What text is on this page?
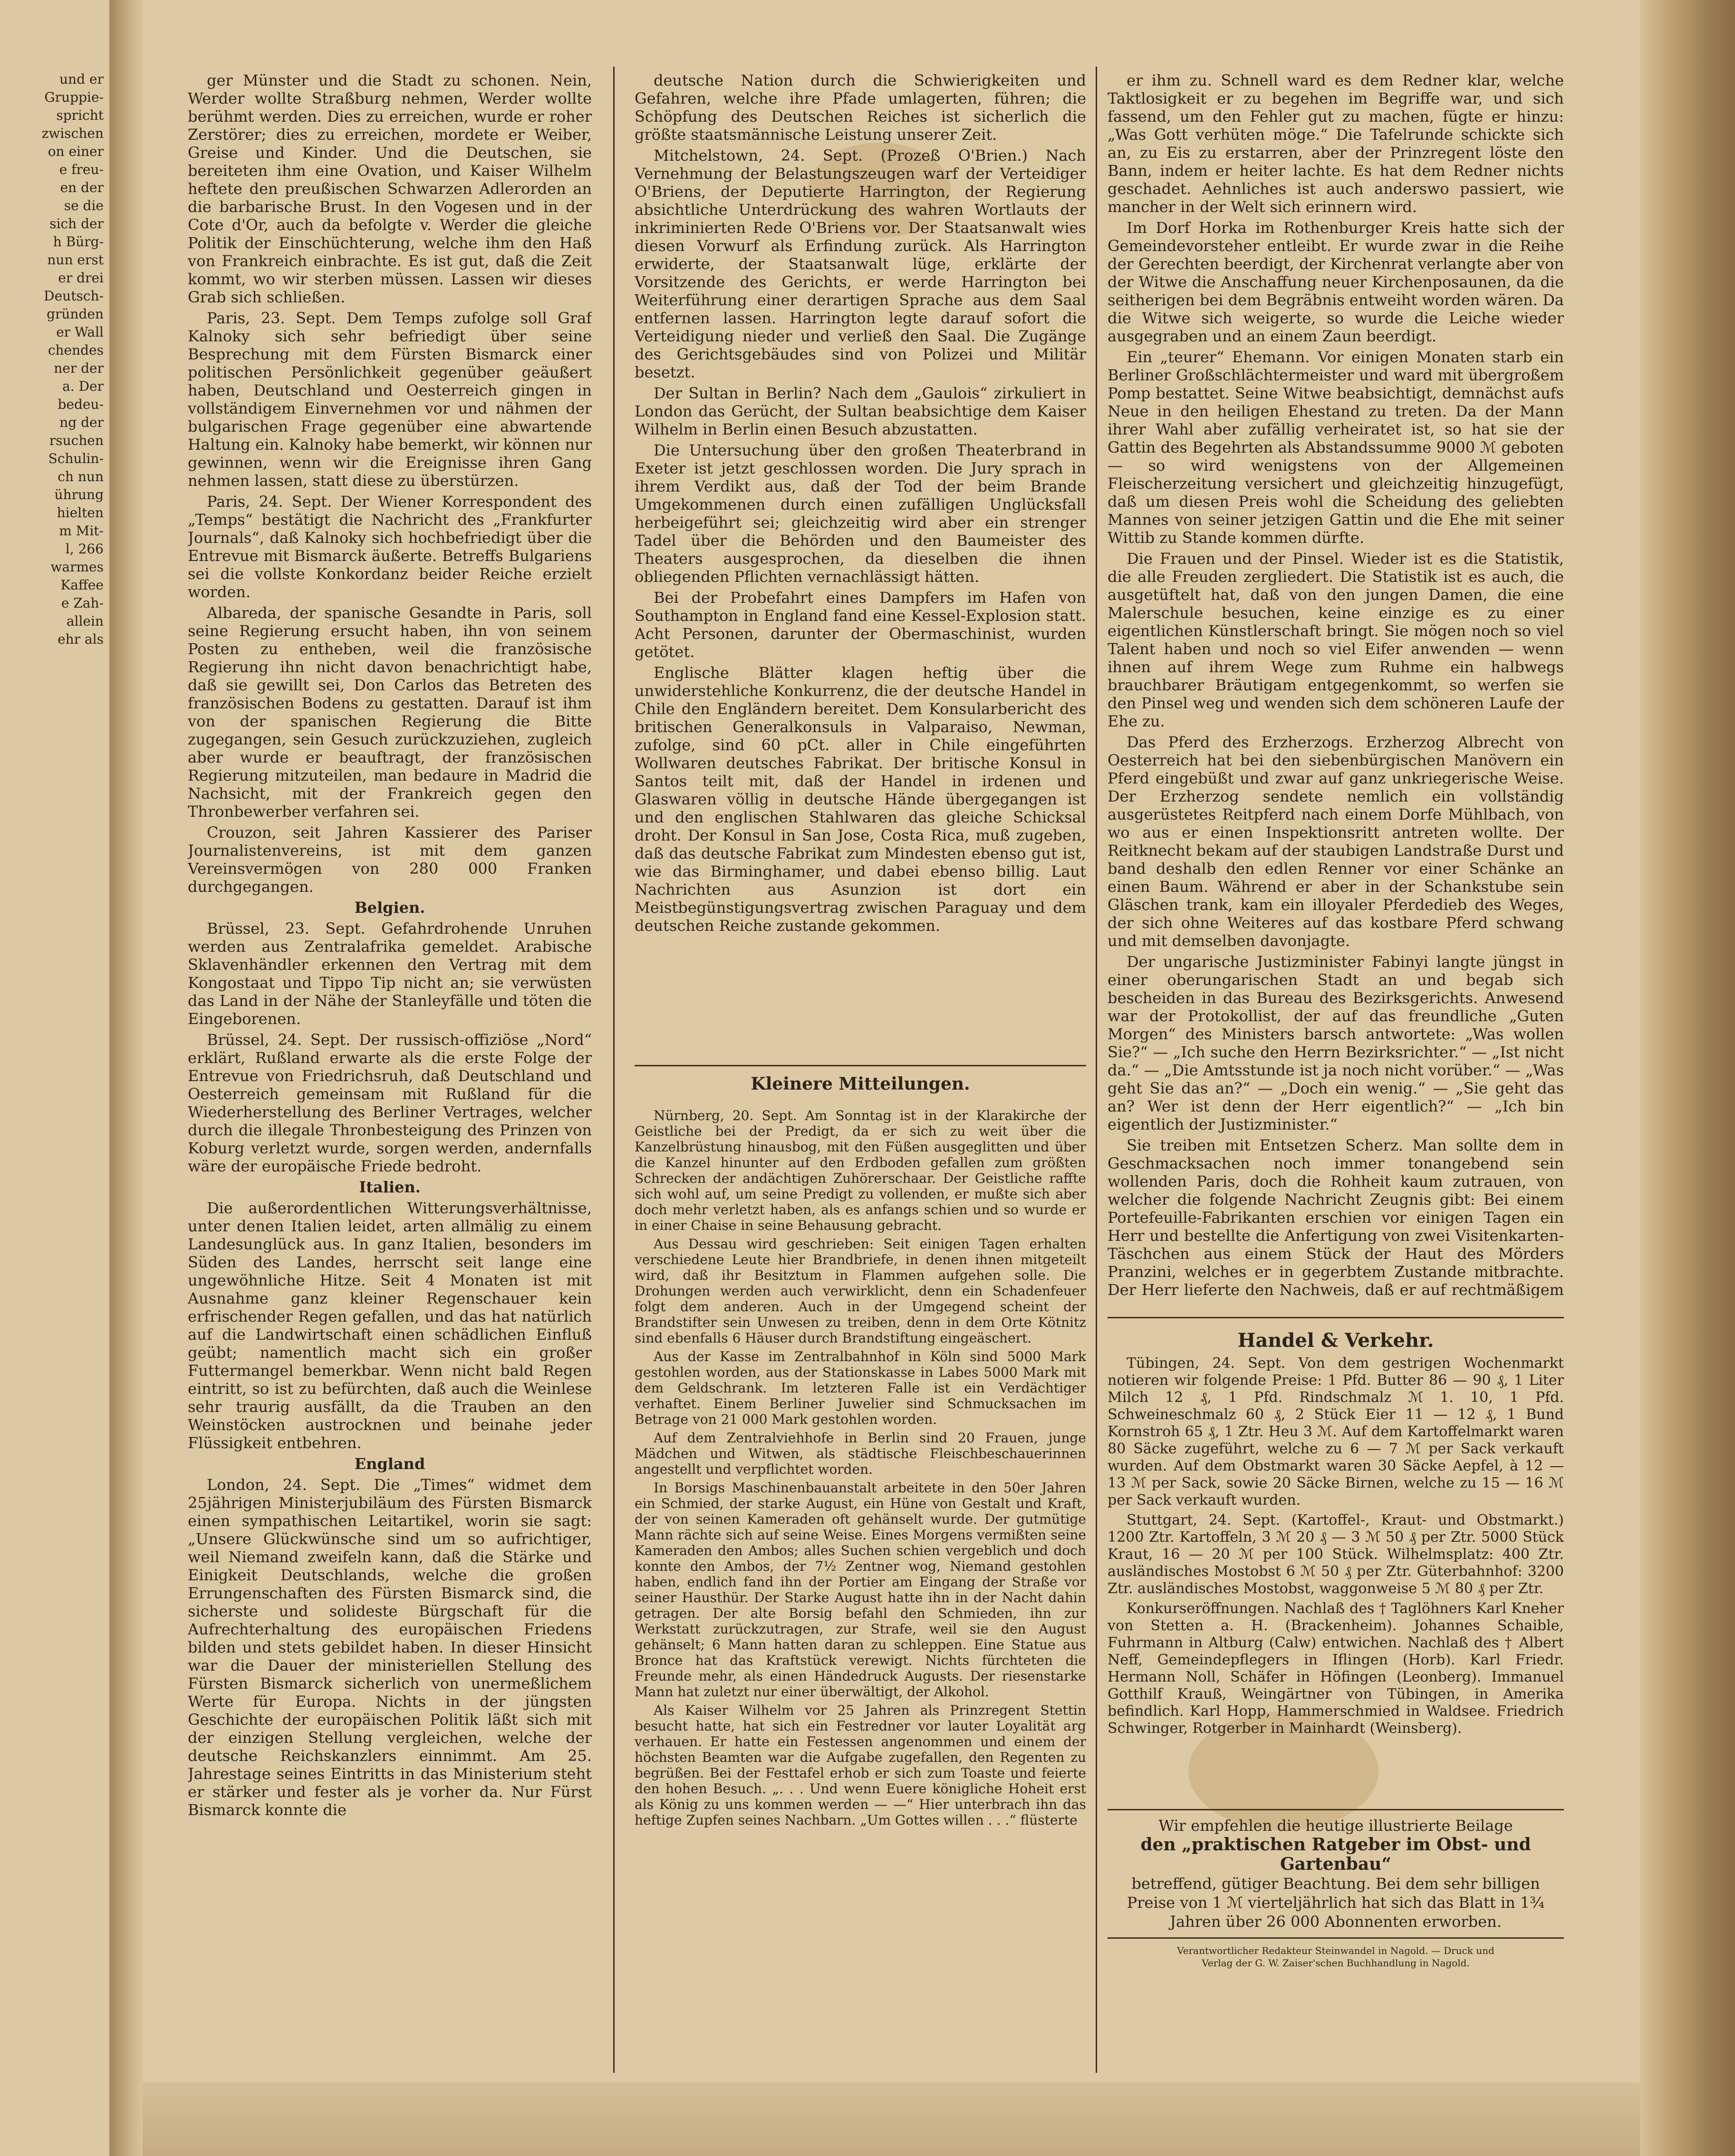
und er
Gruppie-
spricht
zwischen
on einer
e freu-
en der
se die
sich der
h Bürg-
nun erst
er drei
Deutsch-
gründen
er Wall
chendes
ner der
a. Der
bedeu-
ng der
rsuchen
Schulin-
ch nun
ührung
hielten
m Mit-
l, 266
warmes
Kaffee
e Zah-
allein
ehr als

ger Münster und die Stadt zu schonen. Nein, Werder wollte Straßburg nehmen, Werder wollte berühmt werden. Dies zu erreichen, wurde er roher Zerstörer; dies zu erreichen, mordete er Weiber, Greise und Kinder. Und die Deutschen, sie bereiteten ihm eine Ovation, und Kaiser Wilhelm heftete den preußischen Schwarzen Adlerorden an die barbarische Brust. In den Vogesen und in der Cote d'Or, auch da befolgte v. Werder die gleiche Politik der Einschüchterung, welche ihm den Haß von Frankreich einbrachte. Es ist gut, daß die Zeit kommt, wo wir sterben müssen. Lassen wir dieses Grab sich schließen.

Paris, 23. Sept. Dem Temps zufolge soll Graf Kalnoky sich sehr befriedigt über seine Besprechung mit dem Fürsten Bismarck einer politischen Persönlichkeit gegenüber geäußert haben, Deutschland und Oesterreich gingen in vollständigem Einvernehmen vor und nähmen der bulgarischen Frage gegenüber eine abwartende Haltung ein. Kalnoky habe bemerkt, wir können nur gewinnen, wenn wir die Ereignisse ihren Gang nehmen lassen, statt diese zu überstürzen.

Paris, 24. Sept. Der Wiener Korrespondent des „Temps“ bestätigt die Nachricht des „Frankfurter Journals“, daß Kalnoky sich hochbefriedigt über die Entrevue mit Bismarck äußerte. Betreffs Bulgariens sei die vollste Konkordanz beider Reiche erzielt worden.

Albareda, der spanische Gesandte in Paris, soll seine Regierung ersucht haben, ihn von seinem Posten zu entheben, weil die französische Regierung ihn nicht davon benachrichtigt habe, daß sie gewillt sei, Don Carlos das Betreten des französischen Bodens zu gestatten. Darauf ist ihm von der spanischen Regierung die Bitte zugegangen, sein Gesuch zurückzuziehen, zugleich aber wurde er beauftragt, der französischen Regierung mitzuteilen, man bedaure in Madrid die Nachsicht, mit der Frankreich gegen den Thronbewerber verfahren sei.

Crouzon, seit Jahren Kassierer des Pariser Journalistenvereins, ist mit dem ganzen Vereinsvermögen von 280 000 Franken durchgegangen.

Belgien.

Brüssel, 23. Sept. Gefahrdrohende Unruhen werden aus Zentralafrika gemeldet. Arabische Sklavenhändler erkennen den Vertrag mit dem Kongostaat und Tippo Tip nicht an; sie verwüsten das Land in der Nähe der Stanleyfälle und töten die Eingeborenen.

Brüssel, 24. Sept. Der russisch-offiziöse „Nord“ erklärt, Rußland erwarte als die erste Folge der Entrevue von Friedrichsruh, daß Deutschland und Oesterreich gemeinsam mit Rußland für die Wiederherstellung des Berliner Vertrages, welcher durch die illegale Thronbesteigung des Prinzen von Koburg verletzt wurde, sorgen werden, andernfalls wäre der europäische Friede bedroht.

Italien.

Die außerordentlichen Witterungsverhältnisse, unter denen Italien leidet, arten allmälig zu einem Landesunglück aus. In ganz Italien, besonders im Süden des Landes, herrscht seit lange eine ungewöhnliche Hitze. Seit 4 Monaten ist mit Ausnahme ganz kleiner Regenschauer kein erfrischender Regen gefallen, und das hat natürlich auf die Landwirtschaft einen schädlichen Einfluß geübt; namentlich macht sich ein großer Futtermangel bemerkbar. Wenn nicht bald Regen eintritt, so ist zu befürchten, daß auch die Weinlese sehr traurig ausfällt, da die Trauben an den Weinstöcken austrocknen und beinahe jeder Flüssigkeit entbehren.

England

London, 24. Sept. Die „Times“ widmet dem 25jährigen Ministerjubiläum des Fürsten Bismarck einen sympathischen Leitartikel, worin sie sagt: „Unsere Glückwünsche sind um so aufrichtiger, weil Niemand zweifeln kann, daß die Stärke und Einigkeit Deutschlands, welche die großen Errungenschaften des Fürsten Bismarck sind, die sicherste und solideste Bürgschaft für die Aufrechterhaltung des europäischen Friedens bilden und stets gebildet haben. In dieser Hinsicht war die Dauer der ministeriellen Stellung des Fürsten Bismarck sicherlich von unermeßlichem Werte für Europa. Nichts in der jüngsten Geschichte der europäischen Politik läßt sich mit der einzigen Stellung vergleichen, welche der deutsche Reichskanzlers einnimmt. Am 25. Jahrestage seines Eintritts in das Ministerium steht er stärker und fester als je vorher da. Nur Fürst Bismarck konnte die

deutsche Nation durch die Schwierigkeiten und Gefahren, welche ihre Pfade umlagerten, führen; die Schöpfung des Deutschen Reiches ist sicherlich die größte staatsmännische Leistung unserer Zeit.

Mitchelstown, 24. Sept. (Prozeß O'Brien.) Nach Vernehmung der Belastungszeugen warf der Verteidiger O'Briens, der Deputierte Harrington, der Regierung absichtliche Unterdrückung des wahren Wortlauts der inkriminierten Rede O'Briens vor. Der Staatsanwalt wies diesen Vorwurf als Erfindung zurück. Als Harrington erwiderte, der Staatsanwalt lüge, erklärte der Vorsitzende des Gerichts, er werde Harrington bei Weiterführung einer derartigen Sprache aus dem Saal entfernen lassen. Harrington legte darauf sofort die Verteidigung nieder und verließ den Saal. Die Zugänge des Gerichtsgebäudes sind von Polizei und Militär besetzt.

Der Sultan in Berlin? Nach dem „Gaulois“ zirkuliert in London das Gerücht, der Sultan beabsichtige dem Kaiser Wilhelm in Berlin einen Besuch abzustatten.

Die Untersuchung über den großen Theaterbrand in Exeter ist jetzt geschlossen worden. Die Jury sprach in ihrem Verdikt aus, daß der Tod der beim Brande Umgekommenen durch einen zufälligen Unglücksfall herbeigeführt sei; gleichzeitig wird aber ein strenger Tadel über die Behörden und den Baumeister des Theaters ausgesprochen, da dieselben die ihnen obliegenden Pflichten vernachlässigt hätten.

Bei der Probefahrt eines Dampfers im Hafen von Southampton in England fand eine Kessel-Explosion statt. Acht Personen, darunter der Obermaschinist, wurden getötet.

Englische Blätter klagen heftig über die unwiderstehliche Konkurrenz, die der deutsche Handel in Chile den Engländern bereitet. Dem Konsularbericht des britischen Generalkonsuls in Valparaiso, Newman, zufolge, sind 60 pCt. aller in Chile eingeführten Wollwaren deutsches Fabrikat. Der britische Konsul in Santos teilt mit, daß der Handel in irdenen und Glaswaren völlig in deutsche Hände übergegangen ist und den englischen Stahlwaren das gleiche Schicksal droht. Der Konsul in San Jose, Costa Rica, muß zugeben, daß das deutsche Fabrikat zum Mindesten ebenso gut ist, wie das Birminghamer, und dabei ebenso billig. Laut Nachrichten aus Asunzion ist dort ein Meistbegünstigungsvertrag zwischen Paraguay und dem deutschen Reiche zustande gekommen.

Kleinere Mitteilungen.

Nürnberg, 20. Sept. Am Sonntag ist in der Klarakirche der Geistliche bei der Predigt, da er sich zu weit über die Kanzelbrüstung hinausbog, mit den Füßen ausgeglitten und über die Kanzel hinunter auf den Erdboden gefallen zum größten Schrecken der andächtigen Zuhörerschaar. Der Geistliche raffte sich wohl auf, um seine Predigt zu vollenden, er mußte sich aber doch mehr verletzt haben, als es anfangs schien und so wurde er in einer Chaise in seine Behausung gebracht.

Aus Dessau wird geschrieben: Seit einigen Tagen erhalten verschiedene Leute hier Brandbriefe, in denen ihnen mitgeteilt wird, daß ihr Besitztum in Flammen aufgehen solle. Die Drohungen werden auch verwirklicht, denn ein Schadenfeuer folgt dem anderen. Auch in der Umgegend scheint der Brandstifter sein Unwesen zu treiben, denn in dem Orte Kötnitz sind ebenfalls 6 Häuser durch Brandstiftung eingeäschert.

Aus der Kasse im Zentralbahnhof in Köln sind 5000 Mark gestohlen worden, aus der Stationskasse in Labes 5000 Mark mit dem Geldschrank. Im letzteren Falle ist ein Verdächtiger verhaftet. Einem Berliner Juwelier sind Schmucksachen im Betrage von 21 000 Mark gestohlen worden.

Auf dem Zentralviehhofe in Berlin sind 20 Frauen, junge Mädchen und Witwen, als städtische Fleischbeschauerinnen angestellt und verpflichtet worden.

In Borsigs Maschinenbauanstalt arbeitete in den 50er Jahren ein Schmied, der starke August, ein Hüne von Gestalt und Kraft, der von seinen Kameraden oft gehänselt wurde. Der gutmütige Mann rächte sich auf seine Weise. Eines Morgens vermißten seine Kameraden den Ambos; alles Suchen schien vergeblich und doch konnte den Ambos, der 7½ Zentner wog, Niemand gestohlen haben, endlich fand ihn der Portier am Eingang der Straße vor seiner Hausthür. Der Starke August hatte ihn in der Nacht dahin getragen. Der alte Borsig befahl den Schmieden, ihn zur Werkstatt zurückzutragen, zur Strafe, weil sie den August gehänselt; 6 Mann hatten daran zu schleppen. Eine Statue aus Bronce hat das Kraftstück verewigt. Nichts fürchteten die Freunde mehr, als einen Händedruck Augusts. Der riesenstarke Mann hat zuletzt nur einer überwältigt, der Alkohol.

Als Kaiser Wilhelm vor 25 Jahren als Prinzregent Stettin besucht hatte, hat sich ein Festredner vor lauter Loyalität arg verhauen. Er hatte ein Festessen angenommen und einem der höchsten Beamten war die Aufgabe zugefallen, den Regenten zu begrüßen. Bei der Festtafel erhob er sich zum Toaste und feierte den hohen Besuch. „. . . Und wenn Euere königliche Hoheit erst als König zu uns kommen werden — —“ Hier unterbrach ihn das heftige Zupfen seines Nachbarn. „Um Gottes willen . . .“ flüsterte

er ihm zu. Schnell ward es dem Redner klar, welche Taktlosigkeit er zu begehen im Begriffe war, und sich fassend, um den Fehler gut zu machen, fügte er hinzu: „Was Gott verhüten möge.“ Die Tafelrunde schickte sich an, zu Eis zu erstarren, aber der Prinzregent löste den Bann, indem er heiter lachte. Es hat dem Redner nichts geschadet. Aehnliches ist auch anderswo passiert, wie mancher in der Welt sich erinnern wird.

Im Dorf Horka im Rothenburger Kreis hatte sich der Gemeindevorsteher entleibt. Er wurde zwar in die Reihe der Gerechten beerdigt, der Kirchenrat verlangte aber von der Witwe die Anschaffung neuer Kirchenposaunen, da die seitherigen bei dem Begräbnis entweiht worden wären. Da die Witwe sich weigerte, so wurde die Leiche wieder ausgegraben und an einem Zaun beerdigt.

Ein „teurer“ Ehemann. Vor einigen Monaten starb ein Berliner Großschlächtermeister und ward mit übergroßem Pomp bestattet. Seine Witwe beabsichtigt, demnächst aufs Neue in den heiligen Ehestand zu treten. Da der Mann ihrer Wahl aber zufällig verheiratet ist, so hat sie der Gattin des Begehrten als Abstandssumme 9000 ℳ geboten — so wird wenigstens von der Allgemeinen Fleischerzeitung versichert und gleichzeitig hinzugefügt, daß um diesen Preis wohl die Scheidung des geliebten Mannes von seiner jetzigen Gattin und die Ehe mit seiner Wittib zu Stande kommen dürfte.

Die Frauen und der Pinsel. Wieder ist es die Statistik, die alle Freuden zergliedert. Die Statistik ist es auch, die ausgetüftelt hat, daß von den jungen Damen, die eine Malerschule besuchen, keine einzige es zu einer eigentlichen Künstlerschaft bringt. Sie mögen noch so viel Talent haben und noch so viel Eifer anwenden — wenn ihnen auf ihrem Wege zum Ruhme ein halbwegs brauchbarer Bräutigam entgegenkommt, so werfen sie den Pinsel weg und wenden sich dem schöneren Laufe der Ehe zu.

Das Pferd des Erzherzogs. Erzherzog Albrecht von Oesterreich hat bei den siebenbürgischen Manövern ein Pferd eingebüßt und zwar auf ganz unkriegerische Weise. Der Erzherzog sendete nemlich ein vollständig ausgerüstetes Reitpferd nach einem Dorfe Mühlbach, von wo aus er einen Inspektionsritt antreten wollte. Der Reitknecht bekam auf der staubigen Landstraße Durst und band deshalb den edlen Renner vor einer Schänke an einen Baum. Während er aber in der Schankstube sein Gläschen trank, kam ein illoyaler Pferdedieb des Weges, der sich ohne Weiteres auf das kostbare Pferd schwang und mit demselben davonjagte.

Der ungarische Justizminister Fabinyi langte jüngst in einer oberungarischen Stadt an und begab sich bescheiden in das Bureau des Bezirksgerichts. Anwesend war der Protokollist, der auf das freundliche „Guten Morgen“ des Ministers barsch antwortete: „Was wollen Sie?“ — „Ich suche den Herrn Bezirksrichter.“ — „Ist nicht da.“ — „Die Amtsstunde ist ja noch nicht vorüber.“ — „Was geht Sie das an?“ — „Doch ein wenig.“ — „Sie geht das an? Wer ist denn der Herr eigentlich?“ — „Ich bin eigentlich der Justizminister.“

Sie treiben mit Entsetzen Scherz. Man sollte dem in Geschmacksachen noch immer tonangebend sein wollenden Paris, doch die Rohheit kaum zutrauen, von welcher die folgende Nachricht Zeugnis gibt: Bei einem Portefeuille-Fabrikanten erschien vor einigen Tagen ein Herr und bestellte die Anfertigung von zwei Visitenkarten-Täschchen aus einem Stück der Haut des Mörders Pranzini, welches er in gegerbtem Zustande mitbrachte. Der Herr lieferte den Nachweis, daß er auf rechtmäßigem

Handel & Verkehr.

Tübingen, 24. Sept. Von dem gestrigen Wochenmarkt notieren wir folgende Preise: 1 Pfd. Butter 86 — 90 ₰, 1 Liter Milch 12 ₰, 1 Pfd. Rindschmalz ℳ 1. 10, 1 Pfd. Schweineschmalz 60 ₰, 2 Stück Eier 11 — 12 ₰, 1 Bund Kornstroh 65 ₰, 1 Ztr. Heu 3 ℳ. Auf dem Kartoffelmarkt waren 80 Säcke zugeführt, welche zu 6 — 7 ℳ per Sack verkauft wurden. Auf dem Obstmarkt waren 30 Säcke Aepfel, à 12 — 13 ℳ per Sack, sowie 20 Säcke Birnen, welche zu 15 — 16 ℳ per Sack verkauft wurden.

Stuttgart, 24. Sept. (Kartoffel-, Kraut- und Obstmarkt.) 1200 Ztr. Kartoffeln, 3 ℳ 20 ₰ — 3 ℳ 50 ₰ per Ztr. 5000 Stück Kraut, 16 — 20 ℳ per 100 Stück. Wilhelmsplatz: 400 Ztr. ausländisches Mostobst 6 ℳ 50 ₰ per Ztr. Güterbahnhof: 3200 Ztr. ausländisches Mostobst, waggonweise 5 ℳ 80 ₰ per Ztr.

Konkurseröffnungen. Nachlaß des † Taglöhners Karl Kneher von Stetten a. H. (Brackenheim). Johannes Schaible, Fuhrmann in Altburg (Calw) entwichen. Nachlaß des † Albert Neff, Gemeindepflegers in Iflingen (Horb). Karl Friedr. Hermann Noll, Schäfer in Höfingen (Leonberg). Immanuel Gotthilf Krauß, Weingärtner von Tübingen, in Amerika befindlich. Karl Hopp, Hammerschmied in Waldsee. Friedrich Schwinger, Rotgerber in Mainhardt (Weinsberg).

Wir empfehlen die heutige illustrierte Beilage
den „praktischen Ratgeber im Obst- und Gartenbau“
betreffend, gütiger Beachtung. Bei dem sehr billigen Preise von 1 ℳ vierteljährlich hat sich das Blatt in 1¾ Jahren über 26 000 Abonnenten erworben.
Verantwortlicher Redakteur Steinwandel in Nagold. — Druck und
Verlag der G. W. Zaiser'schen Buchhandlung in Nagold.
